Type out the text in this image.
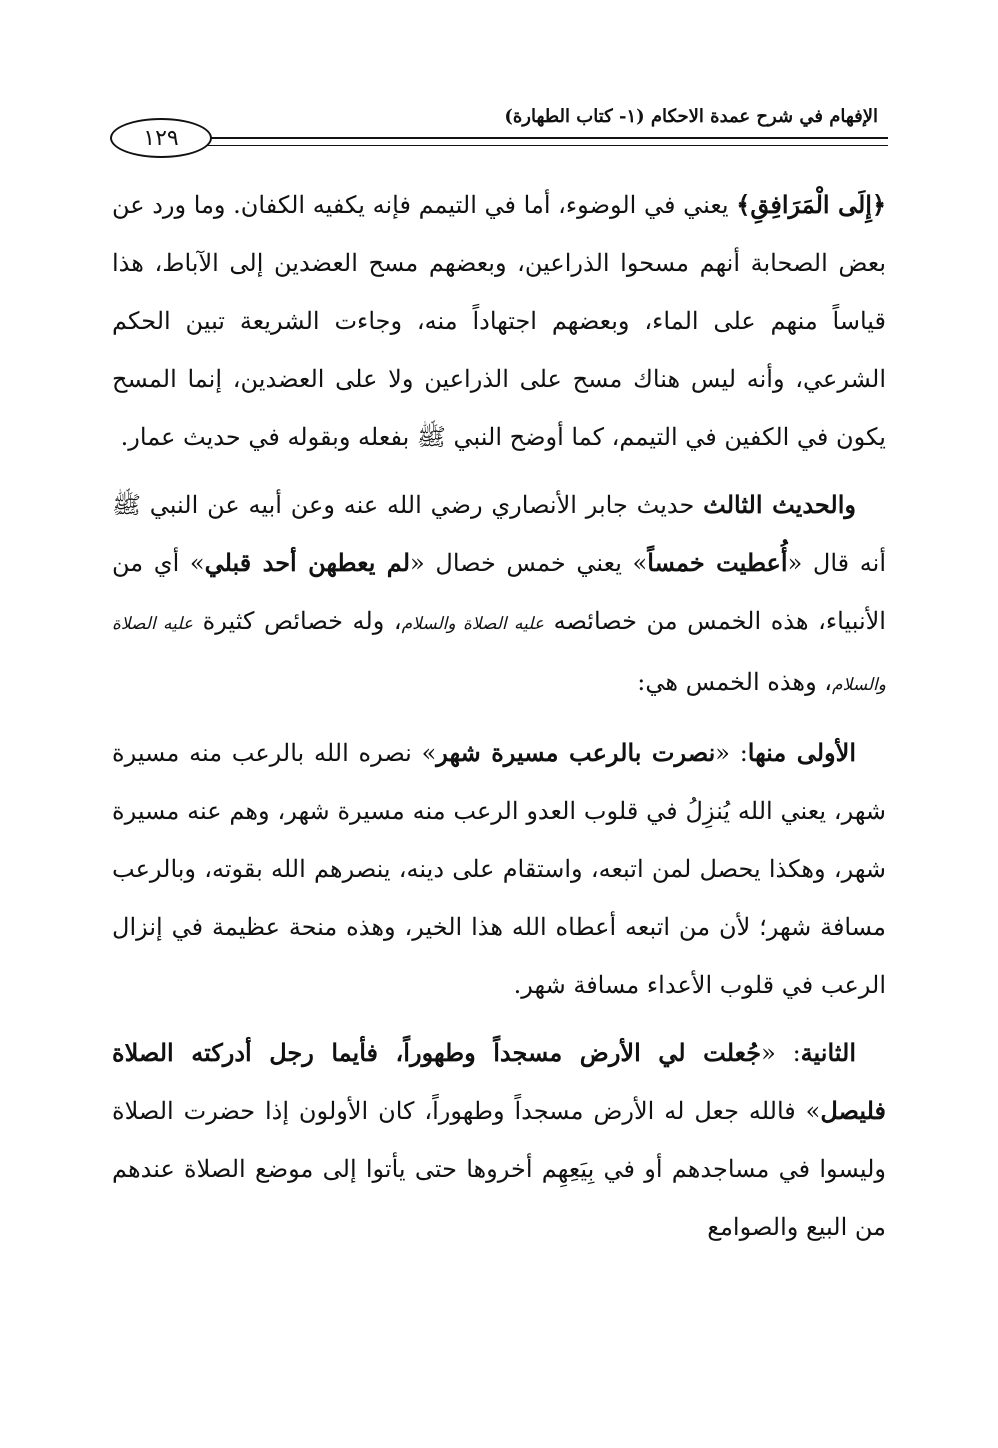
١٢٩
الإفهام في شرح عمدة الاحكام (١- كتاب الطهارة)

﴿إِلَى الْمَرَافِقِ﴾ يعني في الوضوء، أما في التيمم فإنه يكفيه الكفان. وما ورد عن بعض الصحابة أنهم مسحوا الذراعين، وبعضهم مسح العضدين إلى الآباط، هذا قياساً منهم على الماء، وبعضهم اجتهاداً منه، وجاءت الشريعة تبين الحكم الشرعي، وأنه ليس هناك مسح على الذراعين ولا على العضدين، إنما المسح يكون في الكفين في التيمم، كما أوضح النبي ﷺ بفعله وبقوله في حديث عمار.

والحديث الثالث حديث جابر الأنصاري رضي الله عنه وعن أبيه عن النبي ﷺ أنه قال «أُعطيت خمساً» يعني خمس خصال «لم يعطهن أحد قبلي» أي من الأنبياء، هذه الخمس من خصائصه عليه الصلاة والسلام، وله خصائص كثيرة عليه الصلاة والسلام، وهذه الخمس هي:

الأولى منها: «نصرت بالرعب مسيرة شهر» نصره الله بالرعب منه مسيرة شهر، يعني الله يُنزِلُ في قلوب العدو الرعب منه مسيرة شهر، وهم عنه مسيرة شهر، وهكذا يحصل لمن اتبعه، واستقام على دينه، ينصرهم الله بقوته، وبالرعب مسافة شهر؛ لأن من اتبعه أعطاه الله هذا الخير، وهذه منحة عظيمة في إنزال الرعب في قلوب الأعداء مسافة شهر.

الثانية: «جُعلت لي الأرض مسجداً وطهوراً، فأيما رجل أدركته الصلاة فليصل» فالله جعل له الأرض مسجداً وطهوراً، كان الأولون إذا حضرت الصلاة وليسوا في مساجدهم أو في بِيَعِهِم أخروها حتى يأتوا إلى موضع الصلاة عندهم من البيع والصوامع
